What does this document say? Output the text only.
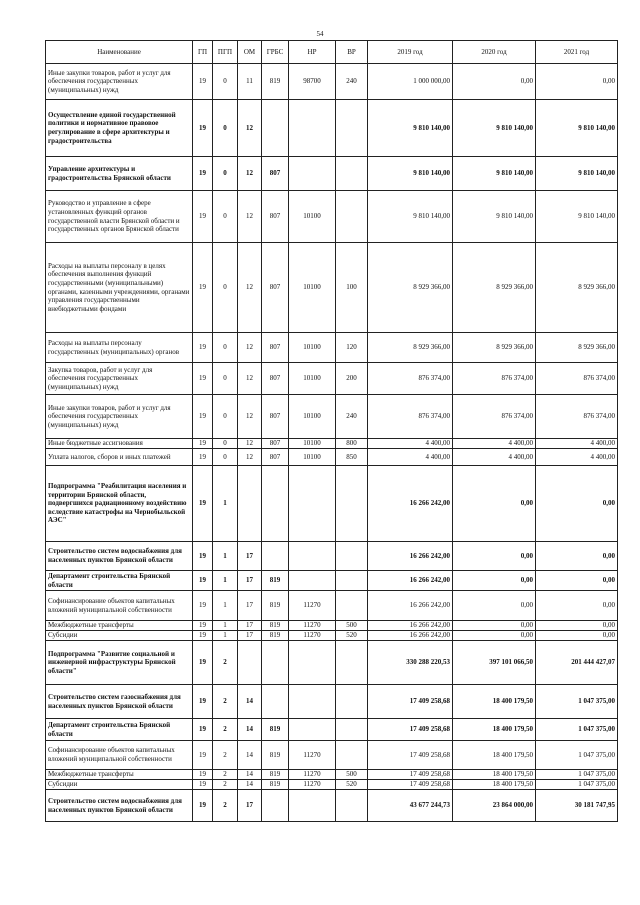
54
Наименование	ГП	ПГП	ОМ	ГРБС	НР	ВР	2019 год	2020 год	2021 год
Иные закупки товаров, работ и услуг для обеспечения государственных (муниципальных) нужд	19	0	11	819	98700	240	1 000 000,00	0,00	0,00
Осуществление единой государственной политики и нормативное правовое регулирование в сфере архитектуры и градостроительства	19	0	12				9 810 140,00	9 810 140,00	9 810 140,00
Управление архитектуры и градостроительства Брянской области	19	0	12	807			9 810 140,00	9 810 140,00	9 810 140,00
Руководство и управление в сфере установленных функций органов государственной власти Брянской области и государственных органов Брянской области	19	0	12	807	10100		9 810 140,00	9 810 140,00	9 810 140,00
Расходы на выплаты персоналу в целях обеспечения выполнения функций государственными (муниципальными) органами, казенными учреждениями, органами управления государственными внебюджетными фондами	19	0	12	807	10100	100	8 929 366,00	8 929 366,00	8 929 366,00
Расходы на выплаты персоналу государственных (муниципальных) органов	19	0	12	807	10100	120	8 929 366,00	8 929 366,00	8 929 366,00
Закупка товаров, работ и услуг для обеспечения государственных (муниципальных) нужд	19	0	12	807	10100	200	876 374,00	876 374,00	876 374,00
Иные закупки товаров, работ и услуг для обеспечения государственных (муниципальных) нужд	19	0	12	807	10100	240	876 374,00	876 374,00	876 374,00
Иные бюджетные ассигнования	19	0	12	807	10100	800	4 400,00	4 400,00	4 400,00
Уплата налогов, сборов и иных платежей	19	0	12	807	10100	850	4 400,00	4 400,00	4 400,00
Подпрограмма "Реабилитация населения и территории Брянской области, подвергшихся радиационному воздействию вследствие катастрофы на Чернобыльской АЭС"	19	1					16 266 242,00	0,00	0,00
Строительство систем водоснабжения для населенных пунктов Брянской области	19	1	17				16 266 242,00	0,00	0,00
Департамент строительства Брянской области	19	1	17	819			16 266 242,00	0,00	0,00
Софинансирование объектов капитальных вложений муниципальной собственности	19	1	17	819	11270		16 266 242,00	0,00	0,00
Межбюджетные трансферты	19	1	17	819	11270	500	16 266 242,00	0,00	0,00
Субсидии	19	1	17	819	11270	520	16 266 242,00	0,00	0,00
Подпрограмма "Развитие социальной и инженерной инфраструктуры Брянской области"	19	2					330 288 220,53	397 101 066,50	201 444 427,07
Строительство систем газоснабжения для населенных пунктов Брянской области	19	2	14				17 409 258,68	18 400 179,50	1 047 375,00
Департамент строительства Брянской области	19	2	14	819			17 409 258,68	18 400 179,50	1 047 375,00
Софинансирование объектов капитальных вложений муниципальной собственности	19	2	14	819	11270		17 409 258,68	18 400 179,50	1 047 375,00
Межбюджетные трансферты	19	2	14	819	11270	500	17 409 258,68	18 400 179,50	1 047 375,00
Субсидии	19	2	14	819	11270	520	17 409 258,68	18 400 179,50	1 047 375,00
Строительство систем водоснабжения для населенных пунктов Брянской области	19	2	17				43 677 244,73	23 864 000,00	30 181 747,95
